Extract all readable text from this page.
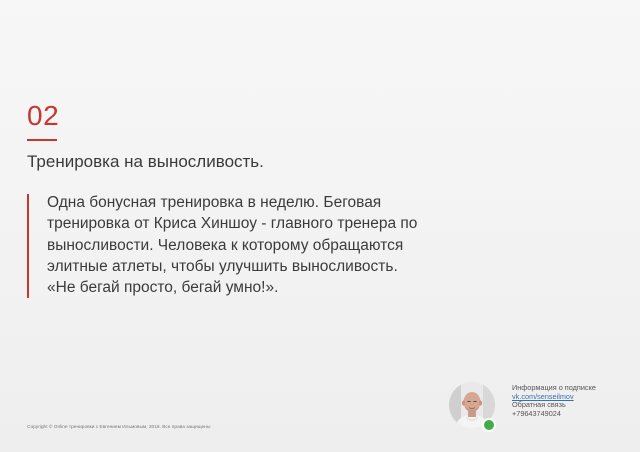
02
Тренировка на выносливость.
Одна бонусная тренировка в неделю. Беговая тренировка от Криса Хиншоу - главного тренера по выносливости. Человека к которому обращаются элитные атлеты, чтобы улучшить выносливость. «Не бегай просто, бегай умно!».
Информация о подписке
vk.com/senseilmov
Обратная связь
+79643749024
Copyright © Online тренировки с Евгением Ильмовым, 2018. Все права защищены
